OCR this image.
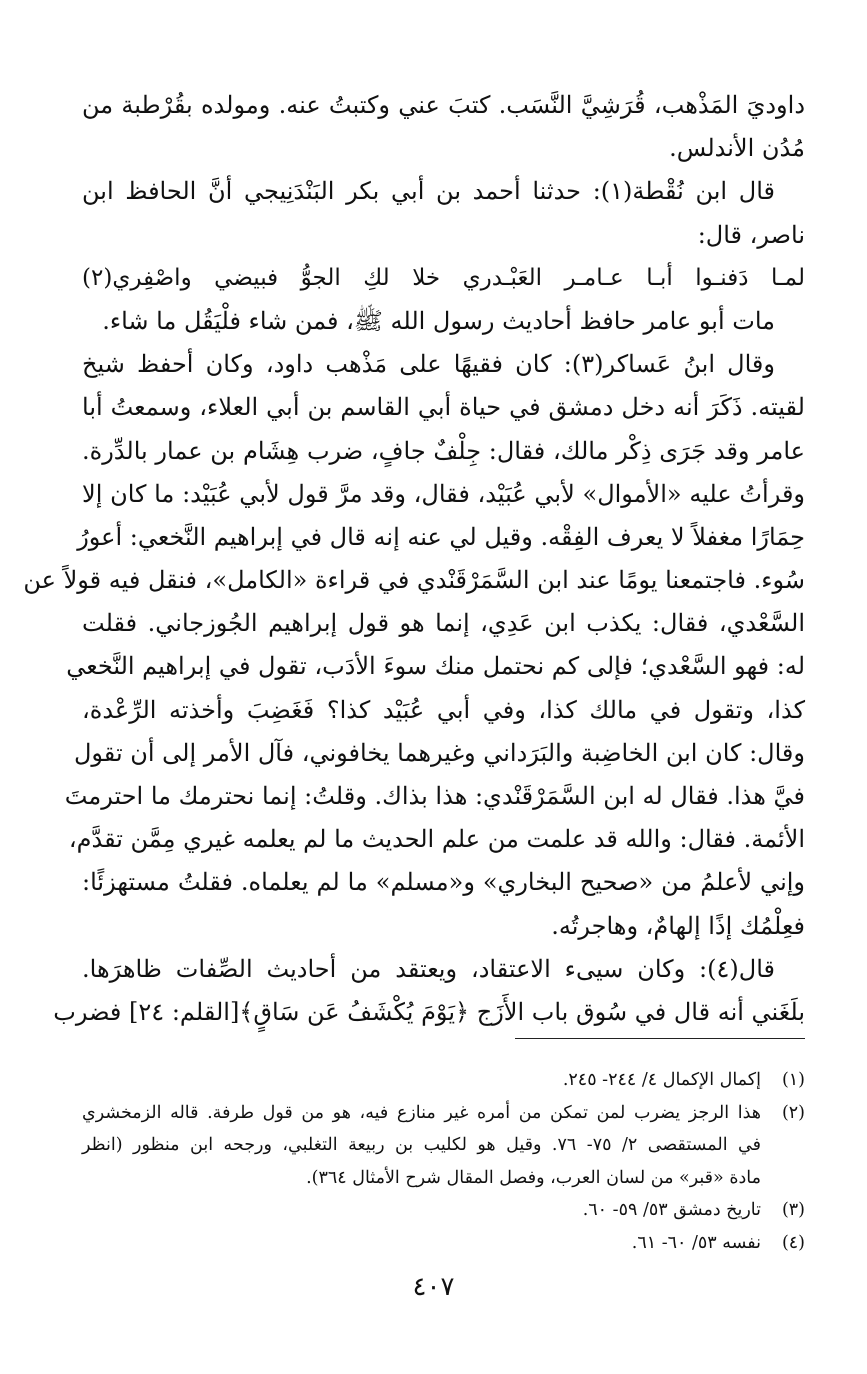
داوديَ المَذْهب، قُرَشِيَّ النَّسَب. كتبَ عني وكتبتُ عنه. ومولده بقُرْطبة من
مُدُن الأندلس.
قال ابن نُقْطة(١): حدثنا أحمد بن أبي بكر البَنْدَنِيجي أنَّ الحافظ ابن
ناصر، قال:
لمـا دَفنـوا أبـا عـامـر العَبْـدري خلا لكِ الجوُّ فبيضي واصْفِري(٢)
مات أبو عامر حافظ أحاديث رسول الله ﷺ، فمن شاء فلْيَقُل ما شاء.
وقال ابنُ عَساكر(٣): كان فقيهًا على مَذْهب داود، وكان أحفظ شيخ
لقيته. ذَكَرَ أنه دخل دمشق في حياة أبي القاسم بن أبي العلاء، وسمعتُ أبا
عامر وقد جَرَى ذِكْر مالك، فقال: جِلْفٌ جافٍ، ضرب هِشَام بن عمار بالدِّرة.
وقرأتُ عليه «الأموال» لأبي عُبَيْد، فقال، وقد مرَّ قول لأبي عُبَيْد: ما كان إلا
حِمَارًا مغفلاً لا يعرف الفِقْه. وقيل لي عنه إنه قال في إبراهيم النَّخعي: أعورُ
سُوء. فاجتمعنا يومًا عند ابن السَّمَرْقَنْدي في قراءة «الكامل»، فنقل فيه قولاً عن
السَّعْدي، فقال: يكذب ابن عَدِي، إنما هو قول إبراهيم الجُوزجاني. فقلت
له: فهو السَّعْدي؛ فإلى كم نحتمل منك سوءَ الأدَب، تقول في إبراهيم النَّخعي
كذا، وتقول في مالك كذا، وفي أبي عُبَيْد كذا؟ فَغَضِبَ وأخذته الرِّعْدة،
وقال: كان ابن الخاضِبة والبَرَداني وغيرهما يخافوني، فآل الأمر إلى أن تقول
فيَّ هذا. فقال له ابن السَّمَرْقَنْدي: هذا بذاك. وقلتُ: إنما نحترمك ما احترمتَ
الأئمة. فقال: والله قد علمت من علم الحديث ما لم يعلمه غيري مِمَّن تقدَّم،
وإني لأعلمُ من «صحيح البخاري» و«مسلم» ما لم يعلماه. فقلتُ مستهزئًا:
فعِلْمُك إذًا إلهامٌ، وهاجرتُه.
قال(٤): وكان سيىء الاعتقاد، ويعتقد من أحاديث الصِّفات ظاهرَها.
بلَغَني أنه قال في سُوق باب الأَزَج ﴿يَوْمَ يُكْشَفُ عَن سَاقٍ﴾[القلم: ٢٤] فضرب
(١)
إكمال الإكمال ٤/ ٢٤٤- ٢٤٥.
(٢)
هذا الرجز يضرب لمن تمكن من أمره غير منازع فيه، هو من قول طرفة. قاله الزمخشري
في المستقصى ٢/ ٧٥- ٧٦. وقيل هو لكليب بن ربيعة التغلبي، ورجحه ابن منظور (انظر
مادة «قبر» من لسان العرب، وفصل المقال شرح الأمثال ٣٦٤).
(٣)
تاريخ دمشق ٥٣/ ٥٩- ٦٠.
(٤)
نفسه ٥٣/ ٦٠- ٦١.
٤٠٧
